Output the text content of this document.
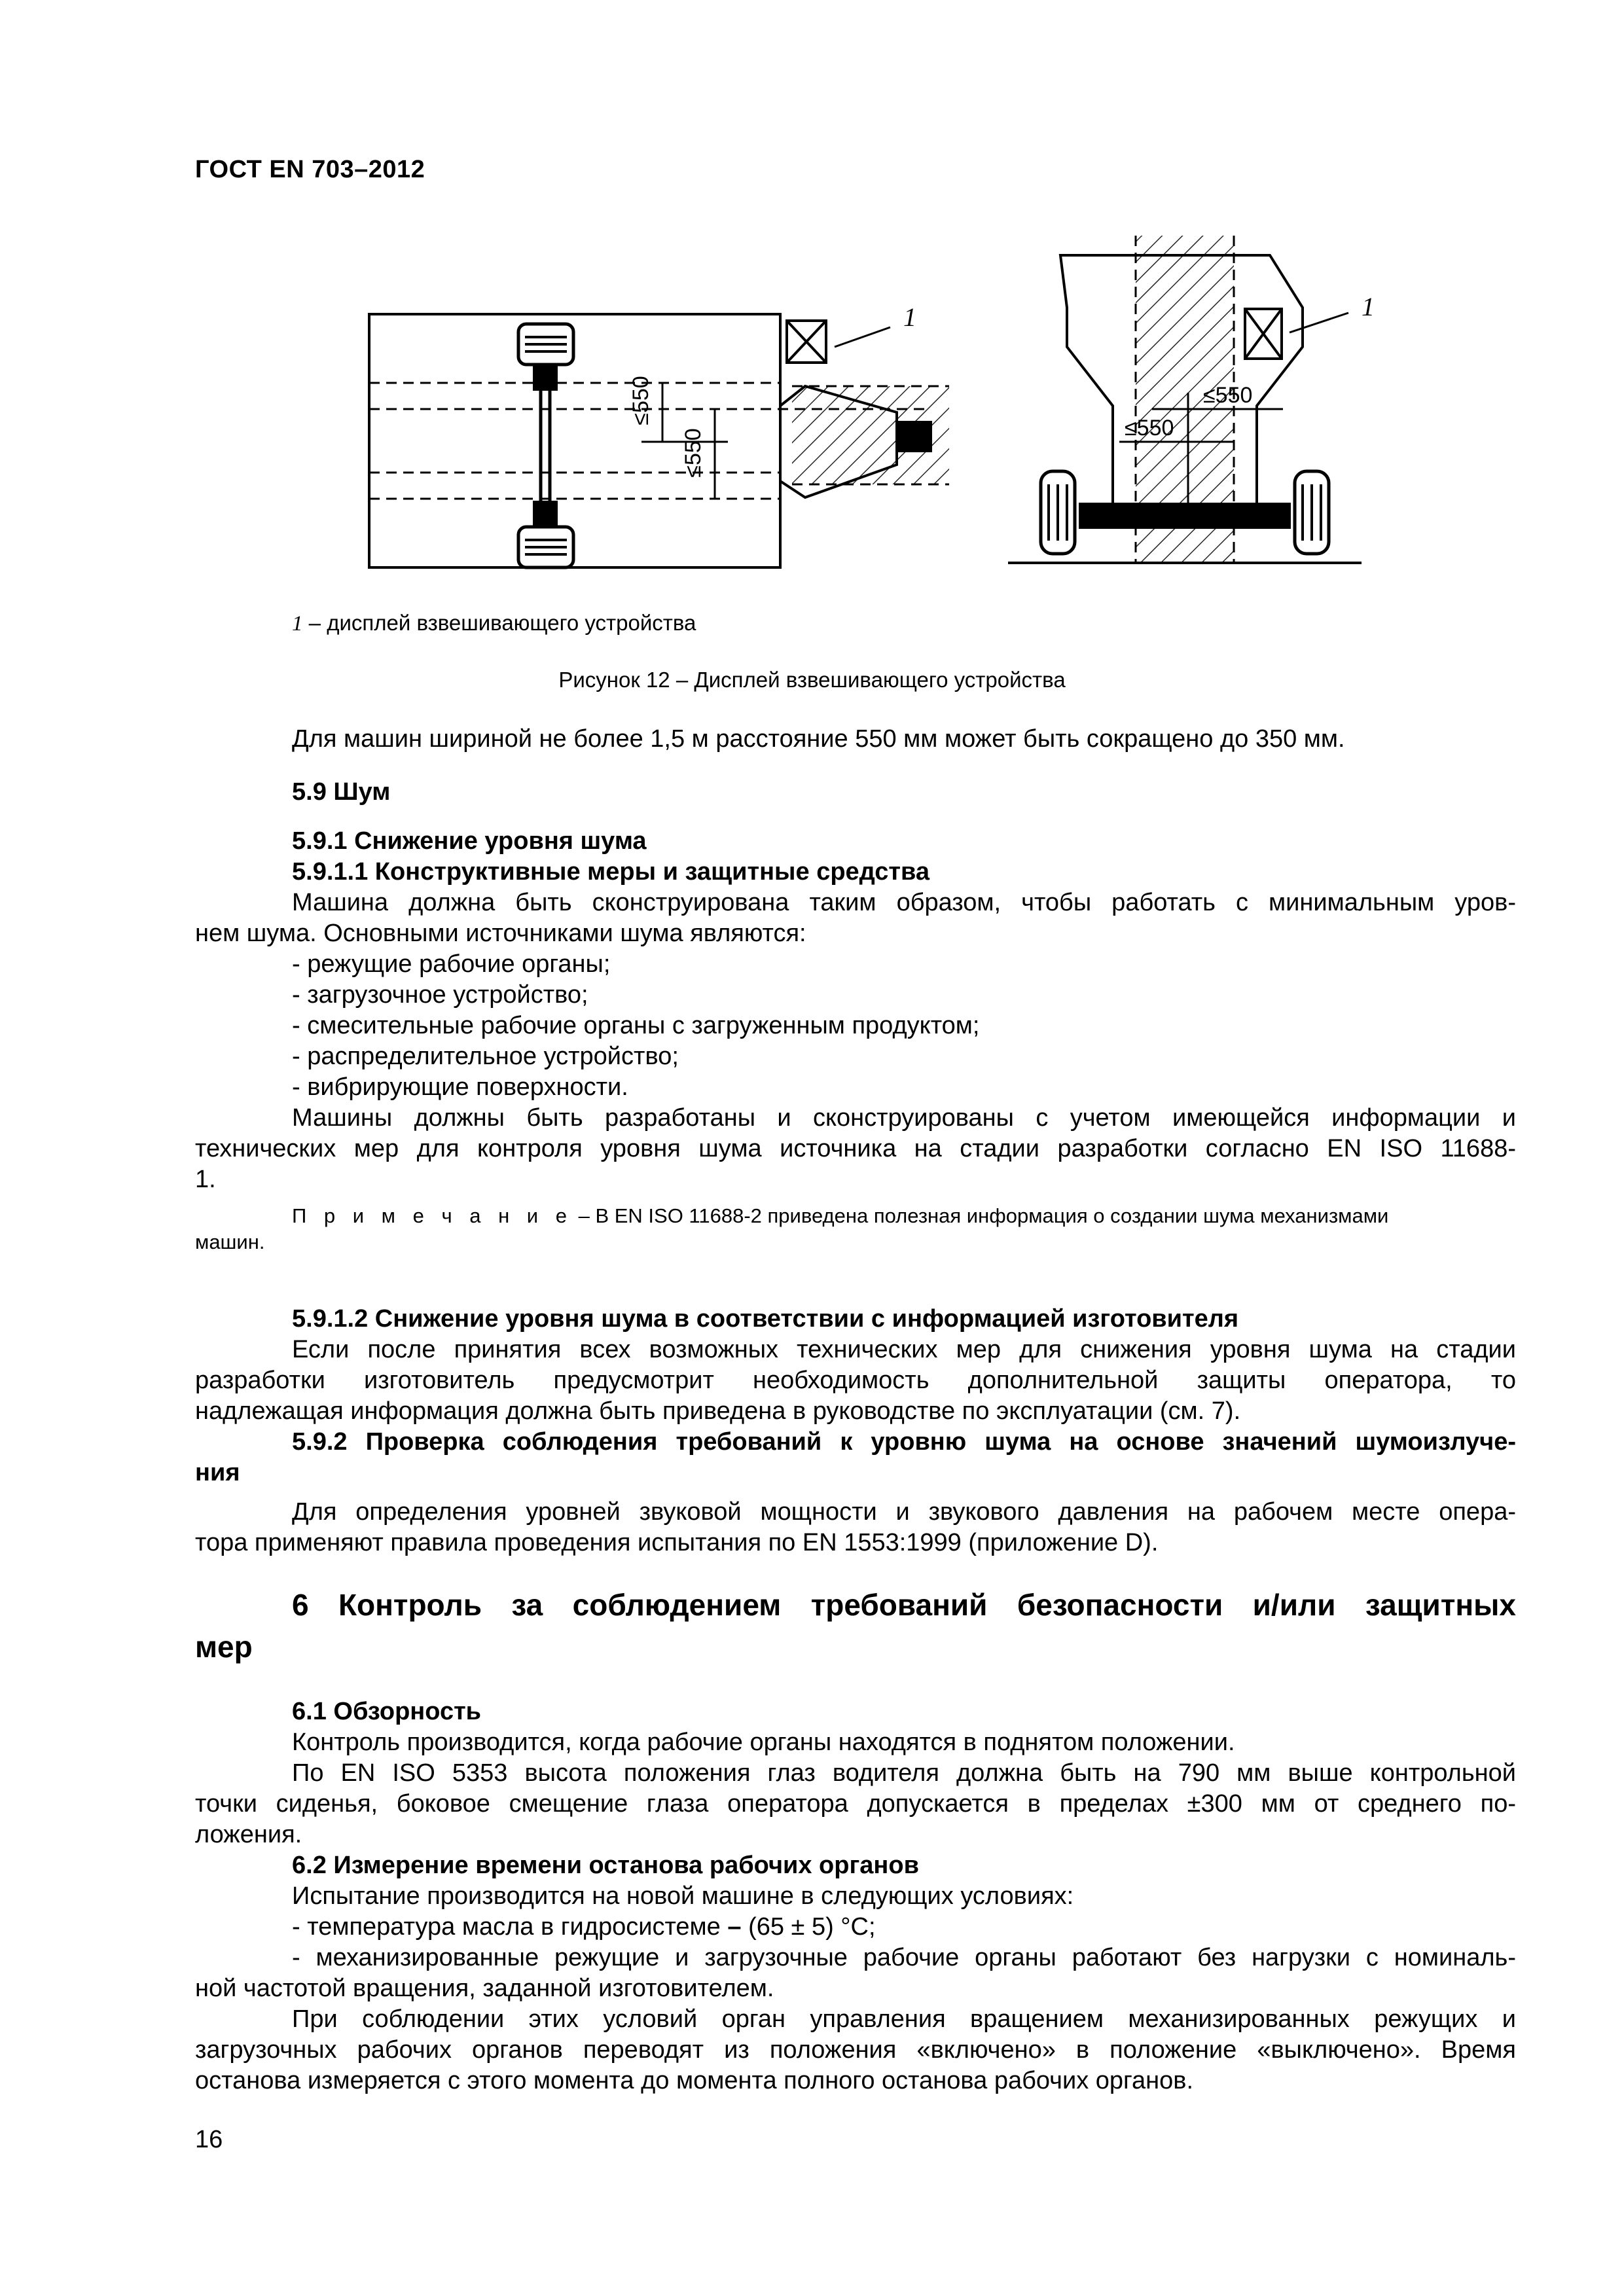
ГОСТ EN 703–2012
≤550
≤550
1
≤550
≤550
1
1 – дисплей взвешивающего устройства
Рисунок 12 – Дисплей взвешивающего устройства

Для машин шириной не более 1,5 м расстояние 550 мм может быть сокращено до 350 мм.

5.9 Шум

5.9.1 Снижение уровня шума

5.9.1.1 Конструктивные меры и защитные средства

Машина должна быть сконструирована таким образом, чтобы работать с минимальным уров-

нем шума. Основными источниками шума являются:

- режущие рабочие органы;

- загрузочное устройство;

- смесительные рабочие органы с загруженным продуктом;

- распределительное устройство;

- вибрирующие поверхности.

Машины должны быть разработаны и сконструированы с учетом имеющейся информации и

технических мер для контроля уровня шума источника на стадии разработки согласно EN ISO 11688-

1.

П р и м е ч а н и е – В EN ISO 11688-2 приведена полезная информация о создании шума механизмами

машин.

5.9.1.2 Снижение уровня шума в соответствии с информацией изготовителя

Если после принятия всех возможных технических мер для снижения уровня шума на стадии

разработки изготовитель предусмотрит необходимость дополнительной защиты оператора, то

надлежащая информация должна быть приведена в руководстве по эксплуатации (см. 7).

5.9.2 Проверка соблюдения требований к уровню шума на основе значений шумоизлуче-

ния

Для определения уровней звуковой мощности и звукового давления на рабочем месте опера-

тора применяют правила проведения испытания по EN 1553:1999 (приложение D).

6 Контроль за соблюдением требований безопасности и/или защитных

мер

6.1 Обзорность

Контроль производится, когда рабочие органы находятся в поднятом положении.

По EN ISO 5353 высота положения глаз водителя должна быть на 790 мм выше контрольной

точки сиденья, боковое смещение глаза оператора допускается в пределах ±300 мм от среднего по-

ложения.

6.2 Измерение времени останова рабочих органов

Испытание производится на новой машине в следующих условиях:

- температура масла в гидросистеме – (65 ± 5) °С;

- механизированные режущие и загрузочные рабочие органы работают без нагрузки с номиналь-

ной частотой вращения, заданной изготовителем.

При соблюдении этих условий орган управления вращением механизированных режущих и

загрузочных рабочих органов переводят из положения «включено» в положение «выключено». Время

останова измеряется с этого момента до момента полного останова рабочих органов.

16
